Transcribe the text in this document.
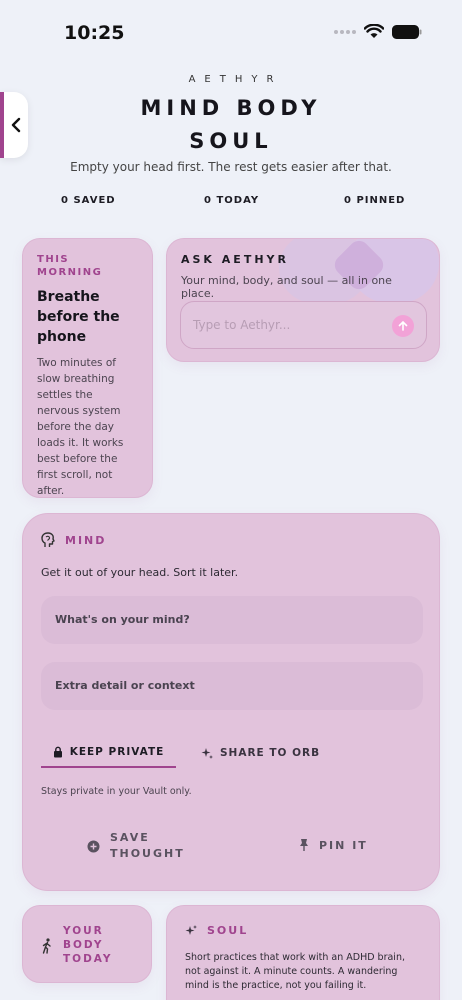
10:25
AETHYR
MIND BODY
SOUL
Empty your head first. The rest gets easier after that.
0 SAVED	0 TODAY	0 PINNED
THIS
MORNING
Breathe before the phone
Two minutes of slow breathing settles the nervous system before the day loads it. It works best before the first scroll, not after.
ASK AETHYR
Your mind, body, and soul — all in one place.
Type to Aethyr...
MIND
Get it out of your head. Sort it later.
What's on your mind?
Extra detail or context
KEEP PRIVATE	SHARE TO ORB
Stays private in your Vault only.
SAVE
THOUGHT
PIN IT
YOUR
BODY
TODAY
SOUL
Short practices that work with an ADHD brain, not against it. A minute counts. A wandering mind is the practice, not you failing it.
